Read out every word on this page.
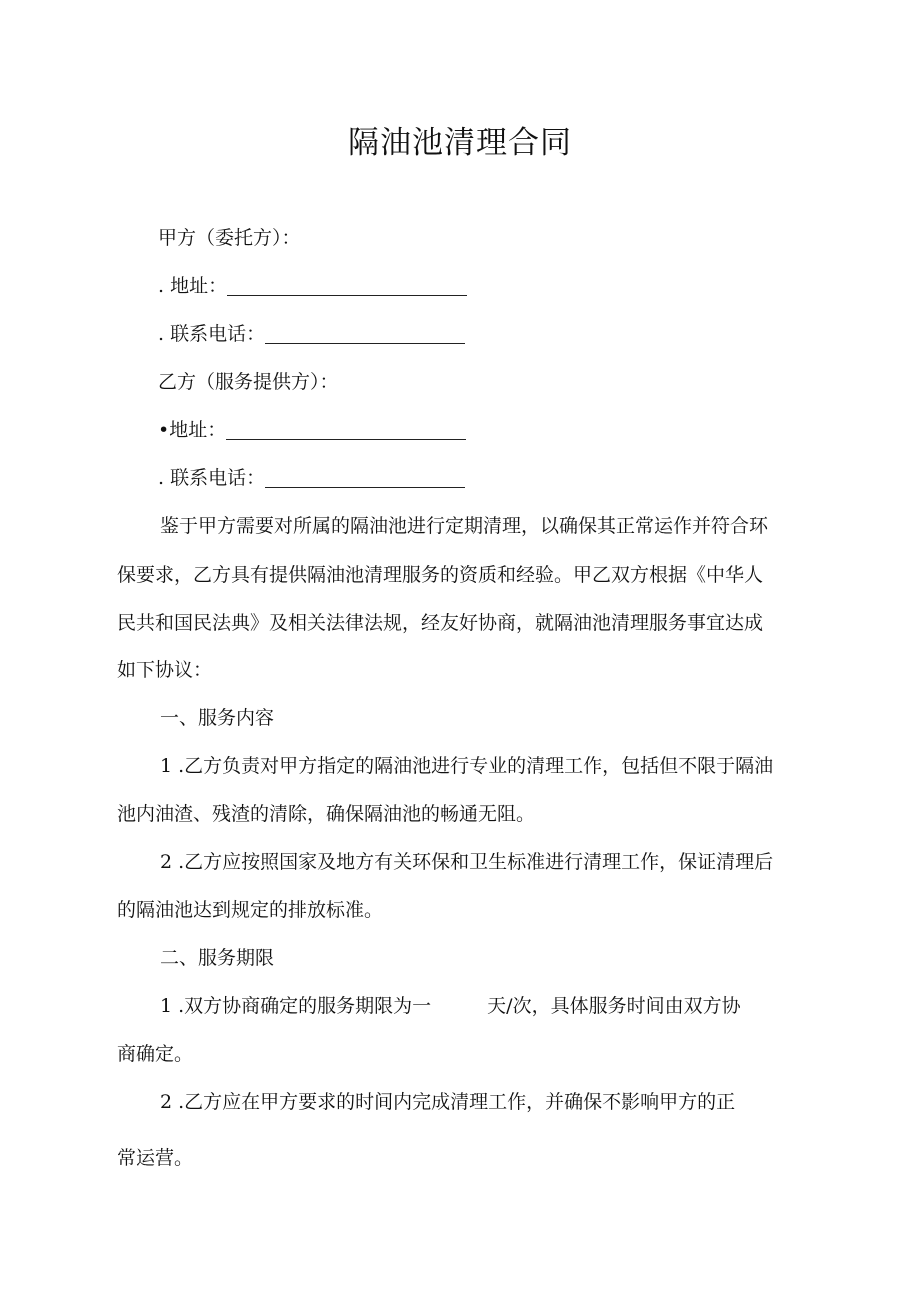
隔油池清理合同
甲方（委托方）：
. 地址：
. 联系电话：
乙方（服务提供方）：
•地址：
. 联系电话：
鉴于甲方需要对所属的隔油池进行定期清理，以确保其正常运作并符合环
保要求，乙方具有提供隔油池清理服务的资质和经验。甲乙双方根据《中华人
民共和国民法典》及相关法律法规，经友好协商，就隔油池清理服务事宜达成
如下协议：
一、服务内容
1 .乙方负责对甲方指定的隔油池进行专业的清理工作，包括但不限于隔油
池内油渣、残渣的清除，确保隔油池的畅通无阻。
2 .乙方应按照国家及地方有关环保和卫生标准进行清理工作，保证清理后
的隔油池达到规定的排放标准。
二、服务期限
1 .双方协商确定的服务期限为一	天/次，具体服务时间由双方协
商确定。
2 .乙方应在甲方要求的时间内完成清理工作，并确保不影响甲方的正
常运营。
